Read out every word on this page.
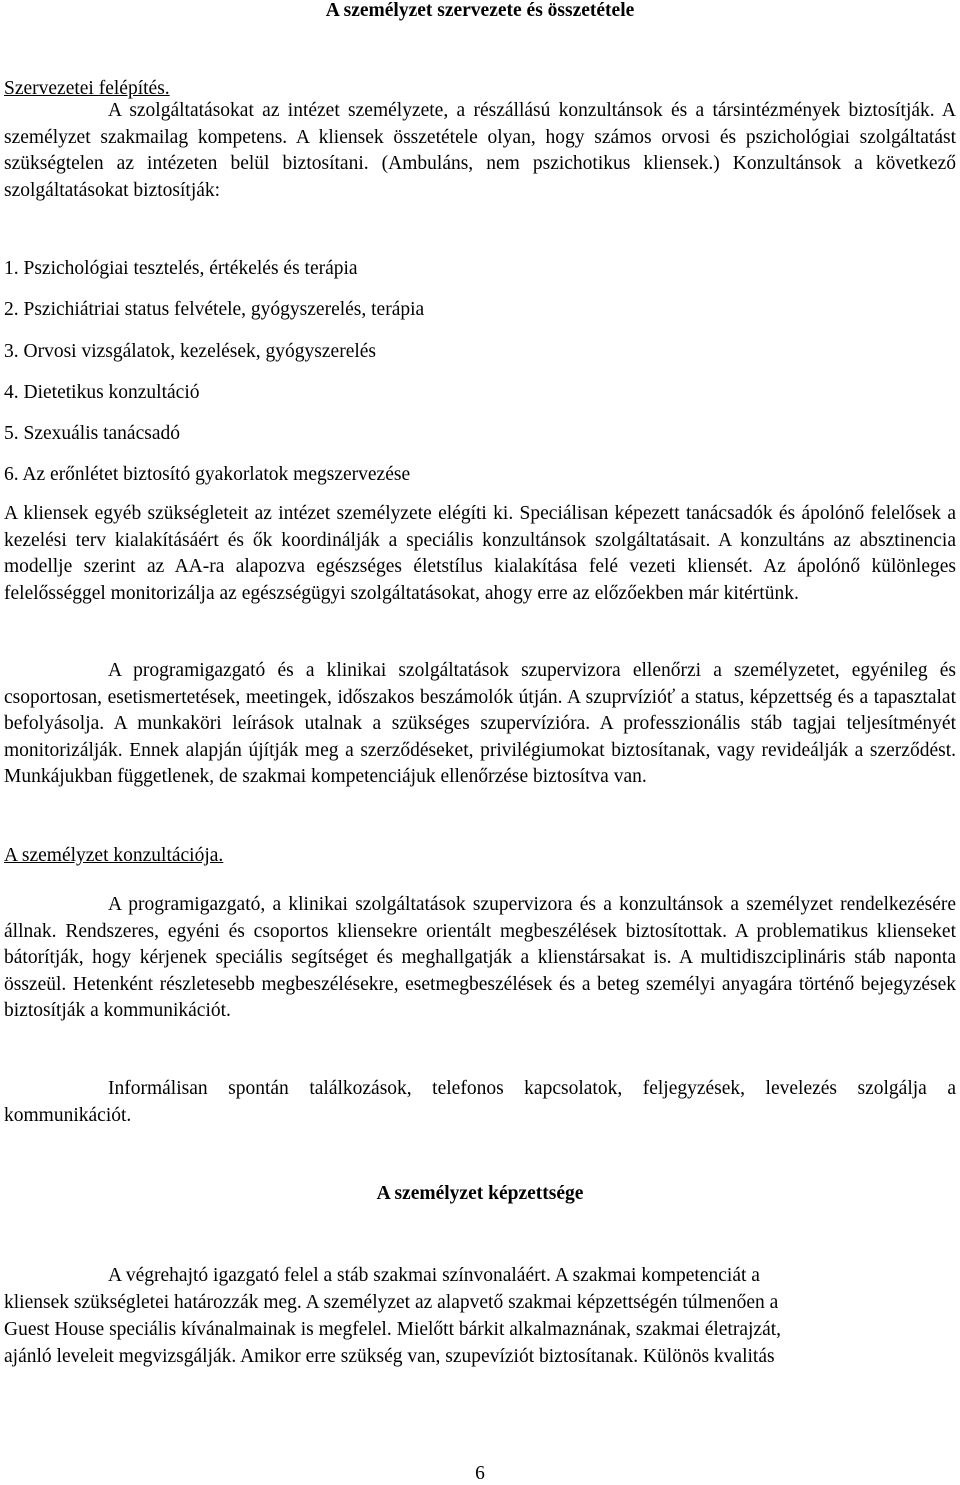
A személyzet szervezete és összetétele

Szervezetei felépítés.

A szolgáltatásokat az intézet személyzete, a részállású konzultánsok és a társintézmények biztosítják. A személyzet szakmailag kompetens. A kliensek összetétele olyan, hogy számos orvosi és pszichológiai szolgáltatást szükségtelen az intézeten belül biztosítani. (Ambuláns, nem pszichotikus kliensek.) Konzultánsok a következő szolgáltatásokat biztosítják:

1. Pszichológiai tesztelés, értékelés és terápia

2. Pszichiátriai status felvétele, gyógyszerelés, terápia

3. Orvosi vizsgálatok, kezelések, gyógyszerelés

4. Dietetikus konzultáció

5. Szexuális tanácsadó

6. Az erőnlétet biztosító gyakorlatok megszervezése

A kliensek egyéb szükségleteit az intézet személyzete elégíti ki. Speciálisan képezett tanácsadók és ápolónő felelősek a kezelési terv kialakításáért és ők koordinálják a speciális konzultánsok szolgáltatásait. A konzultáns az absztinencia modellje szerint az AA-ra alapozva egészséges életstílus kialakítása felé vezeti kliensét. Az ápolónő különleges felelősséggel monitorizálja az egészségügyi szolgáltatásokat, ahogy erre az előzőekben már kitértünk.

A programigazgató és a klinikai szolgáltatások szupervizora ellenőrzi a személyzetet, egyénileg és csoportosan, esetismertetések, meetingek, időszakos beszámolók útján. A szuprvízióť a status, képzettség és a tapasztalat befolyásolja. A munkaköri leírások utalnak a szükséges szupervízióra. A professzionális stáb tagjai teljesítményét monitorizálják. Ennek alapján újítják meg a szerződéseket, privilégiumokat biztosítanak, vagy revideálják a szerződést. Munkájukban függetlenek, de szakmai kompetenciájuk ellenőrzése biztosítva van.

A személyzet konzultációja.

A programigazgató, a klinikai szolgáltatások szupervizora és a konzultánsok a személyzet rendelkezésére állnak. Rendszeres, egyéni és csoportos kliensekre orientált megbeszélések biztosítottak. A problematikus klienseket bátorítják, hogy kérjenek speciális segítséget és meghallgatják a klienstársakat is. A multidiszciplináris stáb naponta összeül. Hetenként részletesebb megbeszélésekre, esetmegbeszélések és a beteg személyi anyagára történő bejegyzések biztosítják a kommunikációt.

Informálisan spontán találkozások, telefonos kapcsolatok, feljegyzések, levelezés szolgálja a kommunikációt.

A személyzet képzettsége

A végrehajtó igazgató felel a stáb szakmai színvonaláért. A szakmai kompetenciát a

kliensek szükségletei határozzák meg. A személyzet az alapvető szakmai képzettségén túlmenően a

Guest House speciális kívánalmainak is megfelel. Mielőtt bárkit alkalmaznának, szakmai életrajzát,

ajánló leveleit megvizsgálják. Amikor erre szükség van, szupevíziót biztosítanak. Különös kvalitás

6
